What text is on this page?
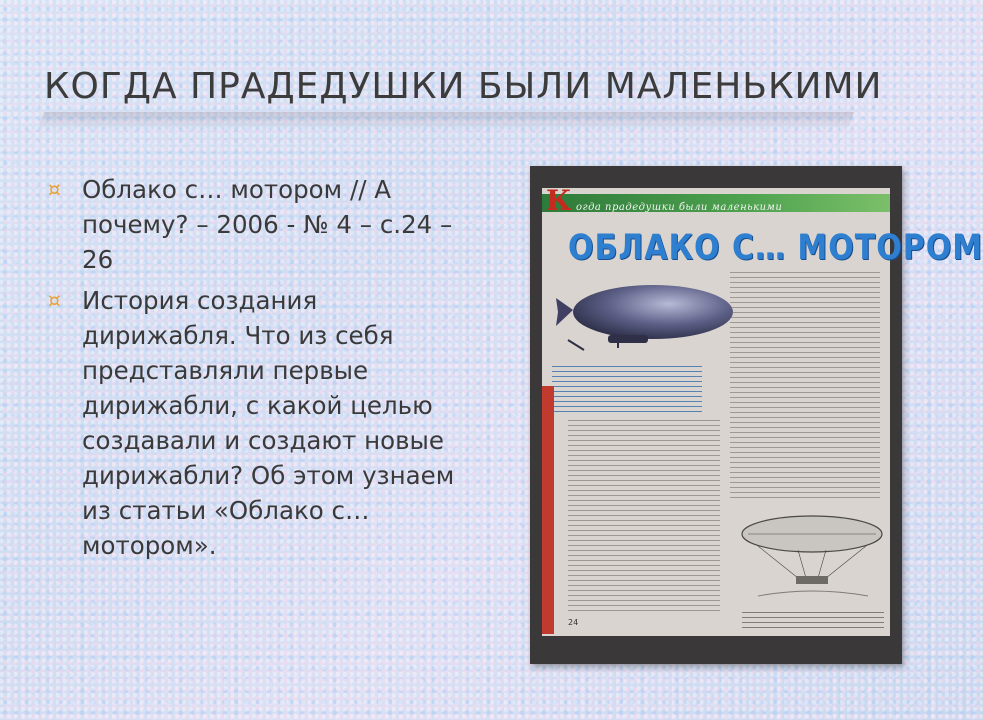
КОГДА ПРАДЕДУШКИ БЫЛИ МАЛЕНЬКИМИ
¤ Облако с… мотором // А почему? – 2006 - № 4 – с.24 – 26
¤ История создания дирижабля. Что из себя представляли первые дирижабли, с какой целью создавали и создают новые дирижабли? Об этом узнаем из статьи «Облако с… мотором».
огда прадедушки были маленькими
К
ОБЛАКО С… МОТОРОМ
24
